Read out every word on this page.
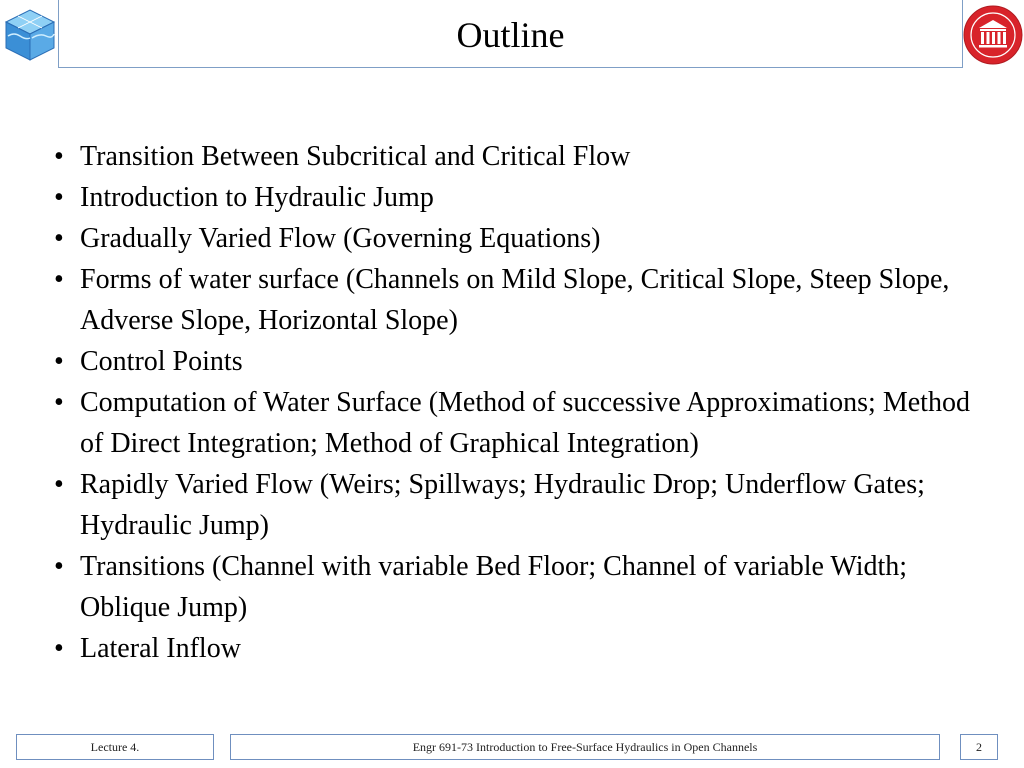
Outline
• Transition Between Subcritical and Critical Flow
• Introduction to Hydraulic Jump
• Gradually Varied Flow (Governing Equations)
• Forms of water surface (Channels on Mild Slope, Critical Slope, Steep Slope, Adverse Slope, Horizontal Slope)
• Control Points
• Computation of Water Surface (Method of successive Approximations; Method of Direct Integration; Method of Graphical Integration)
• Rapidly Varied Flow (Weirs; Spillways; Hydraulic Drop; Underflow Gates; Hydraulic Jump)
• Transitions (Channel with variable Bed Floor; Channel of variable Width; Oblique Jump)
• Lateral Inflow
Lecture 4.	Engr 691-73 Introduction to Free-Surface Hydraulics in Open Channels	2
